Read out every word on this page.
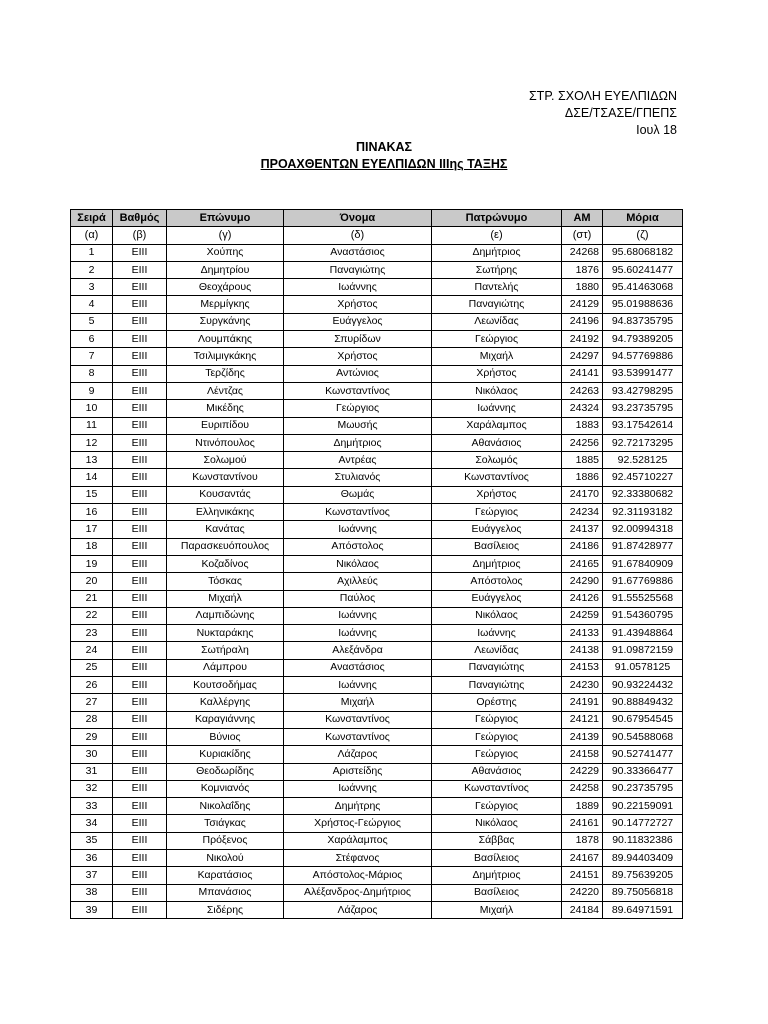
ΣΤΡ. ΣΧΟΛΗ ΕΥΕΛΠΙΔΩΝ
ΔΣΕ/ΤΣΑΣΕ/ΓΠΕΠΣ
Ιουλ 18
ΠΙΝΑΚΑΣ
ΠΡΟΑΧΘΕΝΤΩΝ ΕΥΕΛΠΙΔΩΝ IIIης ΤΑΞΗΣ
Σειρά	Βαθμός	Επώνυμο	Όνομα	Πατρώνυμο	ΑΜ	Μόρια
(α)	(β)	(γ)	(δ)	(ε)	(στ)	(ζ)
1	ΕΙΙΙ	Χούπης	Αναστάσιος	Δημήτριος	24268	95.68068182
2	ΕΙΙΙ	Δημητρίου	Παναγιώτης	Σωτήρης	1876	95.60241477
3	ΕΙΙΙ	Θεοχάρους	Ιωάννης	Παντελής	1880	95.41463068
4	ΕΙΙΙ	Μερμίγκης	Χρήστος	Παναγιώτης	24129	95.01988636
5	ΕΙΙΙ	Συργκάνης	Ευάγγελος	Λεωνίδας	24196	94.83735795
6	ΕΙΙΙ	Λουμπάκης	Σπυρίδων	Γεώργιος	24192	94.79389205
7	ΕΙΙΙ	Τσιλιμιγκάκης	Χρήστος	Μιχαήλ	24297	94.57769886
8	ΕΙΙΙ	Τερζίδης	Αντώνιος	Χρήστος	24141	93.53991477
9	ΕΙΙΙ	Λέντζας	Κωνσταντίνος	Νικόλαος	24263	93.42798295
10	ΕΙΙΙ	Μικέδης	Γεώργιος	Ιωάννης	24324	93.23735795
11	ΕΙΙΙ	Ευριπίδου	Μωυσής	Χαράλαμπος	1883	93.17542614
12	ΕΙΙΙ	Ντινόπουλος	Δημήτριος	Αθανάσιος	24256	92.72173295
13	ΕΙΙΙ	Σολωμού	Αντρέας	Σολωμός	1885	92.528125
14	ΕΙΙΙ	Κωνσταντίνου	Στυλιανός	Κωνσταντίνος	1886	92.45710227
15	ΕΙΙΙ	Κουσαντάς	Θωμάς	Χρήστος	24170	92.33380682
16	ΕΙΙΙ	Ελληνικάκης	Κωνσταντίνος	Γεώργιος	24234	92.31193182
17	ΕΙΙΙ	Κανάτας	Ιωάννης	Ευάγγελος	24137	92.00994318
18	ΕΙΙΙ	Παρασκευόπουλος	Απόστολος	Βασίλειος	24186	91.87428977
19	ΕΙΙΙ	Κοζαδίνος	Νικόλαος	Δημήτριος	24165	91.67840909
20	ΕΙΙΙ	Τόσκας	Αχιλλεύς	Απόστολος	24290	91.67769886
21	ΕΙΙΙ	Μιχαήλ	Παύλος	Ευάγγελος	24126	91.55525568
22	ΕΙΙΙ	Λαμπιδώνης	Ιωάννης	Νικόλαος	24259	91.54360795
23	ΕΙΙΙ	Νυκταράκης	Ιωάννης	Ιωάννης	24133	91.43948864
24	ΕΙΙΙ	Σωτήραλη	Αλεξάνδρα	Λεωνίδας	24138	91.09872159
25	ΕΙΙΙ	Λάμπρου	Αναστάσιος	Παναγιώτης	24153	91.0578125
26	ΕΙΙΙ	Κουτσοδήμας	Ιωάννης	Παναγιώτης	24230	90.93224432
27	ΕΙΙΙ	Καλλέργης	Μιχαήλ	Ορέστης	24191	90.88849432
28	ΕΙΙΙ	Καραγιάννης	Κωνσταντίνος	Γεώργιος	24121	90.67954545
29	ΕΙΙΙ	Βύνιος	Κωνσταντίνος	Γεώργιος	24139	90.54588068
30	ΕΙΙΙ	Κυριακίδης	Λάζαρος	Γεώργιος	24158	90.52741477
31	ΕΙΙΙ	Θεοδωρίδης	Αριστείδης	Αθανάσιος	24229	90.33366477
32	ΕΙΙΙ	Κομνιανός	Ιωάννης	Κωνσταντίνος	24258	90.23735795
33	ΕΙΙΙ	Νικολαΐδης	Δημήτρης	Γεώργιος	1889	90.22159091
34	ΕΙΙΙ	Τσιάγκας	Χρήστος-Γεώργιος	Νικόλαος	24161	90.14772727
35	ΕΙΙΙ	Πρόξενος	Χαράλαμπος	Σάββας	1878	90.11832386
36	ΕΙΙΙ	Νικολού	Στέφανος	Βασίλειος	24167	89.94403409
37	ΕΙΙΙ	Καρατάσιος	Απόστολος-Μάριος	Δημήτριος	24151	89.75639205
38	ΕΙΙΙ	Μπανάσιος	Αλέξανδρος-Δημήτριος	Βασίλειος	24220	89.75056818
39	ΕΙΙΙ	Σιδέρης	Λάζαρος	Μιχαήλ	24184	89.64971591
